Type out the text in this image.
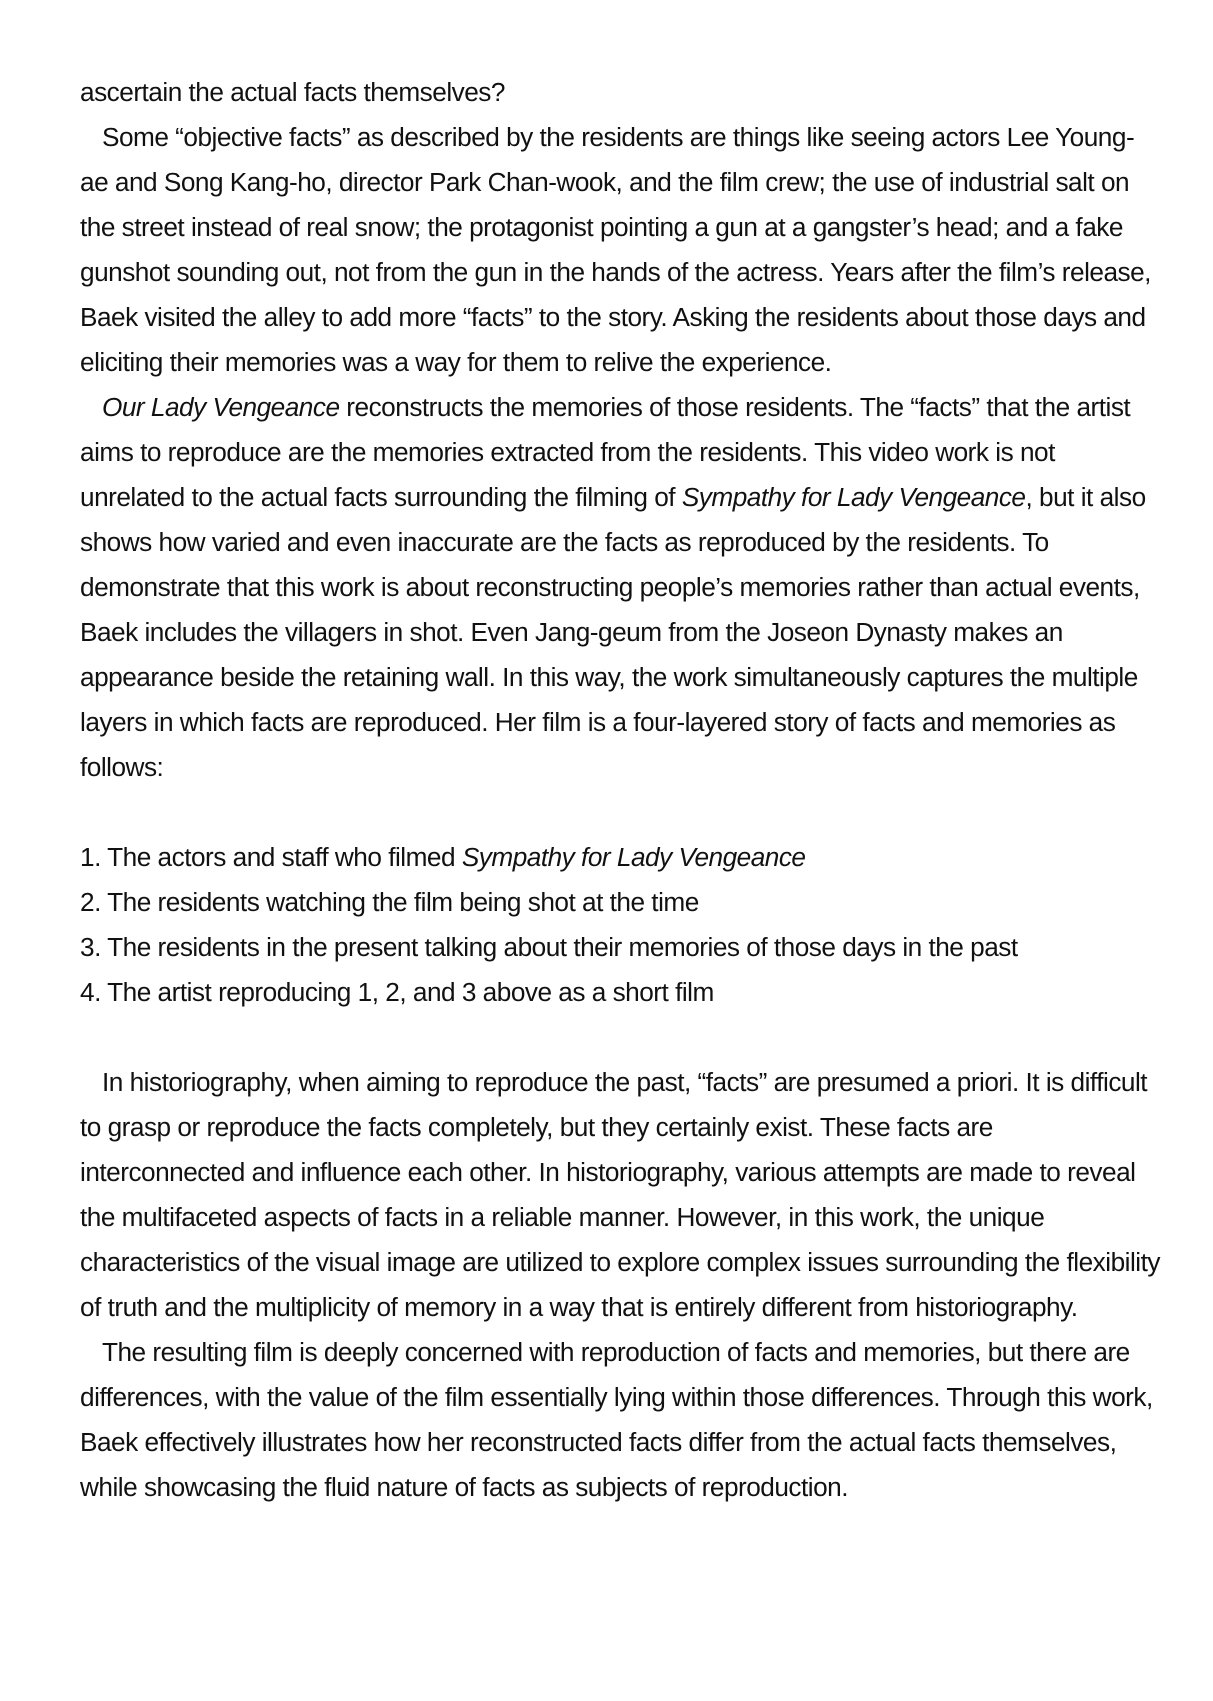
ascertain the actual facts themselves?

Some “objective facts” as described by the residents are things like seeing actors Lee Young-ae and Song Kang-ho, director Park Chan-wook, and the film crew; the use of industrial salt on the street instead of real snow; the protagonist pointing a gun at a gangster’s head; and a fake gunshot sounding out, not from the gun in the hands of the actress. Years after the film’s release, Baek visited the alley to add more “facts” to the story. Asking the residents about those days and eliciting their memories was a way for them to relive the experience.

Our Lady Vengeance reconstructs the memories of those residents. The “facts” that the artist aims to reproduce are the memories extracted from the residents. This video work is not unrelated to the actual facts surrounding the filming of Sympathy for Lady Vengeance, but it also shows how varied and even inaccurate are the facts as reproduced by the residents. To demonstrate that this work is about reconstructing people’s memories rather than actual events, Baek includes the villagers in shot. Even Jang-geum from the Joseon Dynasty makes an appearance beside the retaining wall. In this way, the work simultaneously captures the multiple layers in which facts are reproduced. Her film is a four-layered story of facts and memories as follows:

1. The actors and staff who filmed Sympathy for Lady Vengeance
2. The residents watching the film being shot at the time
3. The residents in the present talking about their memories of those days in the past
4. The artist reproducing 1, 2, and 3 above as a short film

In historiography, when aiming to reproduce the past, “facts” are presumed a priori. It is difficult to grasp or reproduce the facts completely, but they certainly exist. These facts are interconnected and influence each other. In historiography, various attempts are made to reveal the multifaceted aspects of facts in a reliable manner. However, in this work, the unique characteristics of the visual image are utilized to explore complex issues surrounding the flexibility of truth and the multiplicity of memory in a way that is entirely different from historiography.

The resulting film is deeply concerned with reproduction of facts and memories, but there are differences, with the value of the film essentially lying within those differences. Through this work, Baek effectively illustrates how her reconstructed facts differ from the actual facts themselves, while showcasing the fluid nature of facts as subjects of reproduction.
